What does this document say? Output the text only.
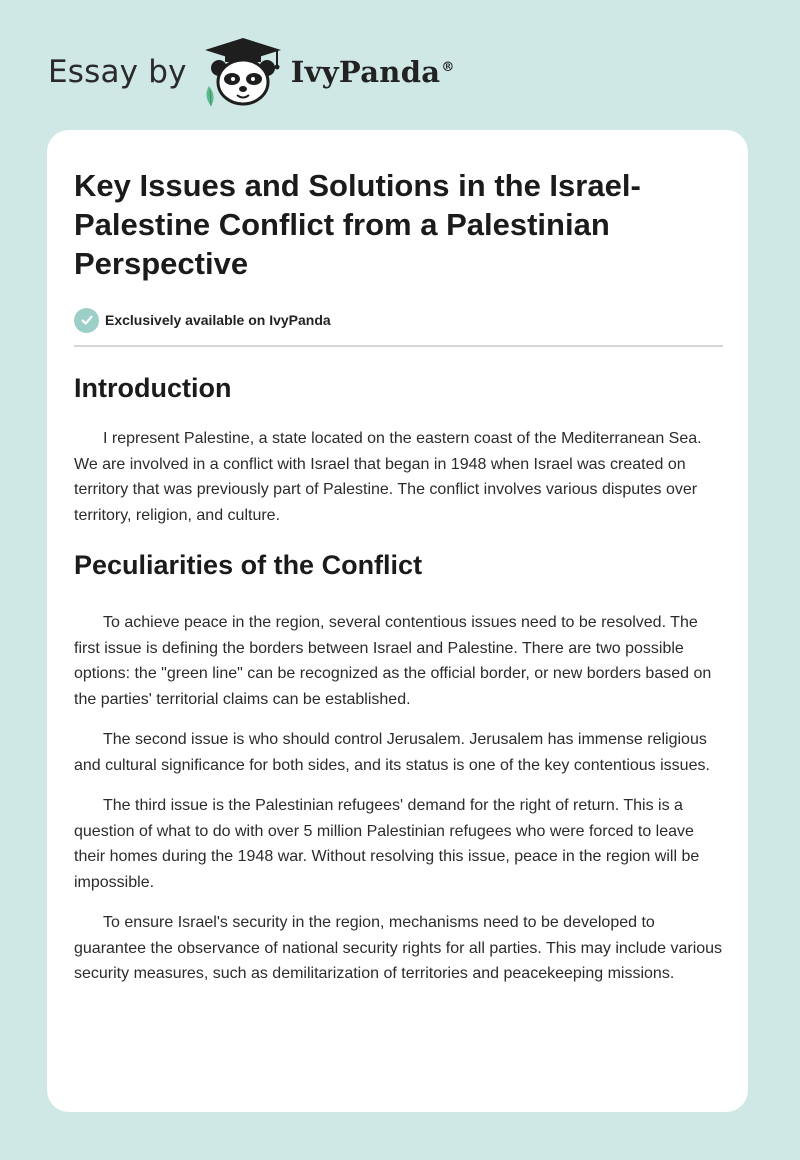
Essay by	IvyPanda®
Key Issues and Solutions in the Israel-Palestine Conflict from a Palestinian Perspective
Exclusively available on IvyPanda
Introduction

I represent Palestine, a state located on the eastern coast of the Mediterranean Sea. We are involved in a conflict with Israel that began in 1948 when Israel was created on territory that was previously part of Palestine. The conflict involves various disputes over territory, religion, and culture.

Peculiarities of the Conflict

To achieve peace in the region, several contentious issues need to be resolved. The first issue is defining the borders between Israel and Palestine. There are two possible options: the "green line" can be recognized as the official border, or new borders based on the parties' territorial claims can be established.

The second issue is who should control Jerusalem. Jerusalem has immense religious and cultural significance for both sides, and its status is one of the key contentious issues.

The third issue is the Palestinian refugees' demand for the right of return. This is a question of what to do with over 5 million Palestinian refugees who were forced to leave their homes during the 1948 war. Without resolving this issue, peace in the region will be impossible.

To ensure Israel's security in the region, mechanisms need to be developed to guarantee the observance of national security rights for all parties. This may include various security measures, such as demilitarization of territories and peacekeeping missions.
